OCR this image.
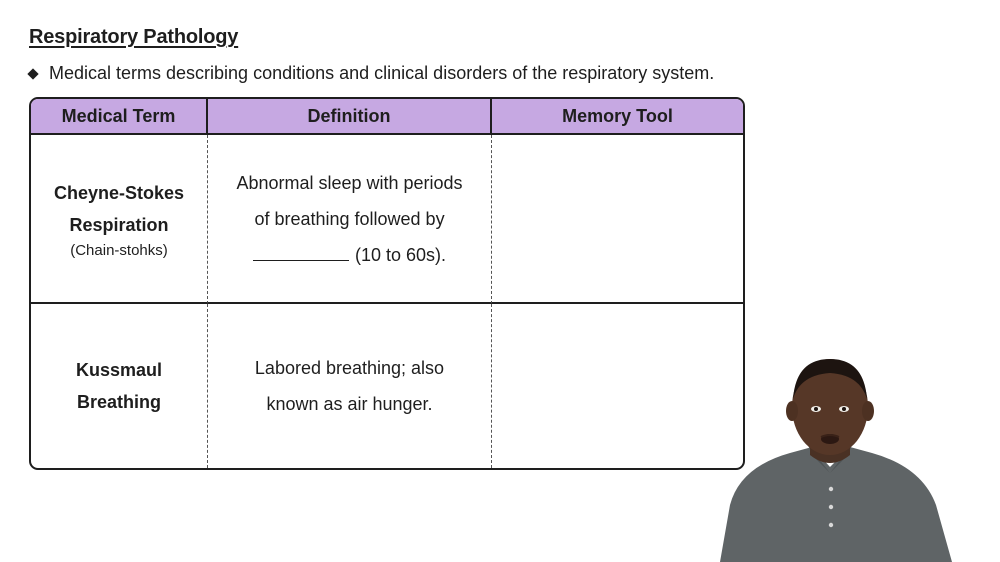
Respiratory Pathology
Medical terms describing conditions and clinical disorders of the respiratory system.
Medical Term	Definition	Memory Tool
Cheyne-Stokes
Respiration
(Chain-stohks)
Abnormal sleep with periods
of breathing followed by
(10 to 60s).
Kussmaul
Breathing
Labored breathing; also
known as air hunger.
